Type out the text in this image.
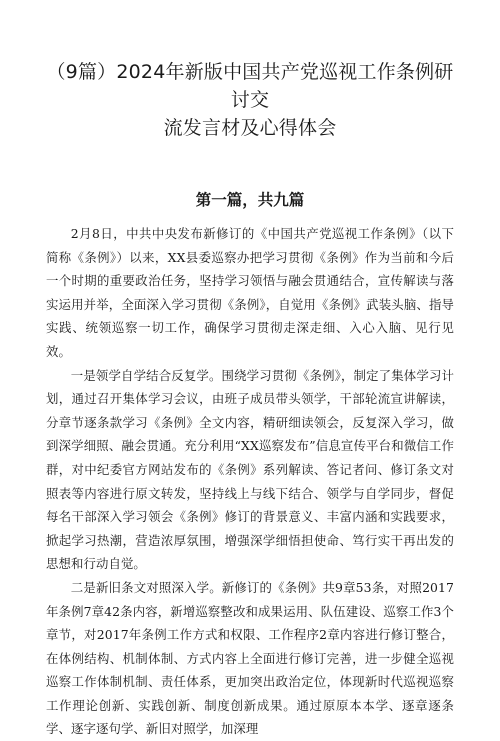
（9篇）2024年新版中国共产党巡视工作条例研讨交
流发言材及心得体会
第一篇，共九篇

2月8日，中共中央发布新修订的《中国共产党巡视工作条例》（以下简称《条例》）以来，XX县委巡察办把学习贯彻《条例》作为当前和今后一个时期的重要政治任务，坚持学习领悟与融会贯通结合，宣传解读与落实运用并举，全面深入学习贯彻《条例》，自觉用《条例》武装头脑、指导实践、统领巡察一切工作，确保学习贯彻走深走细、入心入脑、见行见效。

一是领学自学结合反复学。围绕学习贯彻《条例》，制定了集体学习计划，通过召开集体学习会议，由班子成员带头领学，干部轮流宣讲解读，分章节逐条款学习《条例》全文内容，精研细读领会，反复深入学习，做到深学细照、融会贯通。充分利用“XX巡察发布”信息宣传平台和微信工作群，对中纪委官方网站发布的《条例》系列解读、答记者问、修订条文对照表等内容进行原文转发，坚持线上与线下结合、领学与自学同步，督促每名干部深入学习领会《条例》修订的背景意义、丰富内涵和实践要求，掀起学习热潮，营造浓厚氛围，增强深学细悟担使命、笃行实干再出发的思想和行动自觉。

二是新旧条文对照深入学。新修订的《条例》共9章53条，对照2017年条例7章42条内容，新增巡察整改和成果运用、队伍建设、巡察工作3个章节，对2017年条例工作方式和权限、工作程序2章内容进行修订整合，在体例结构、机制体制、方式内容上全面进行修订完善，进一步健全巡视巡察工作体制机制、责任体系，更加突出政治定位，体现新时代巡视巡察工作理论创新、实践创新、制度创新成果。通过原原本本学、逐章逐条学、逐字逐句学、新旧对照学，加深理
